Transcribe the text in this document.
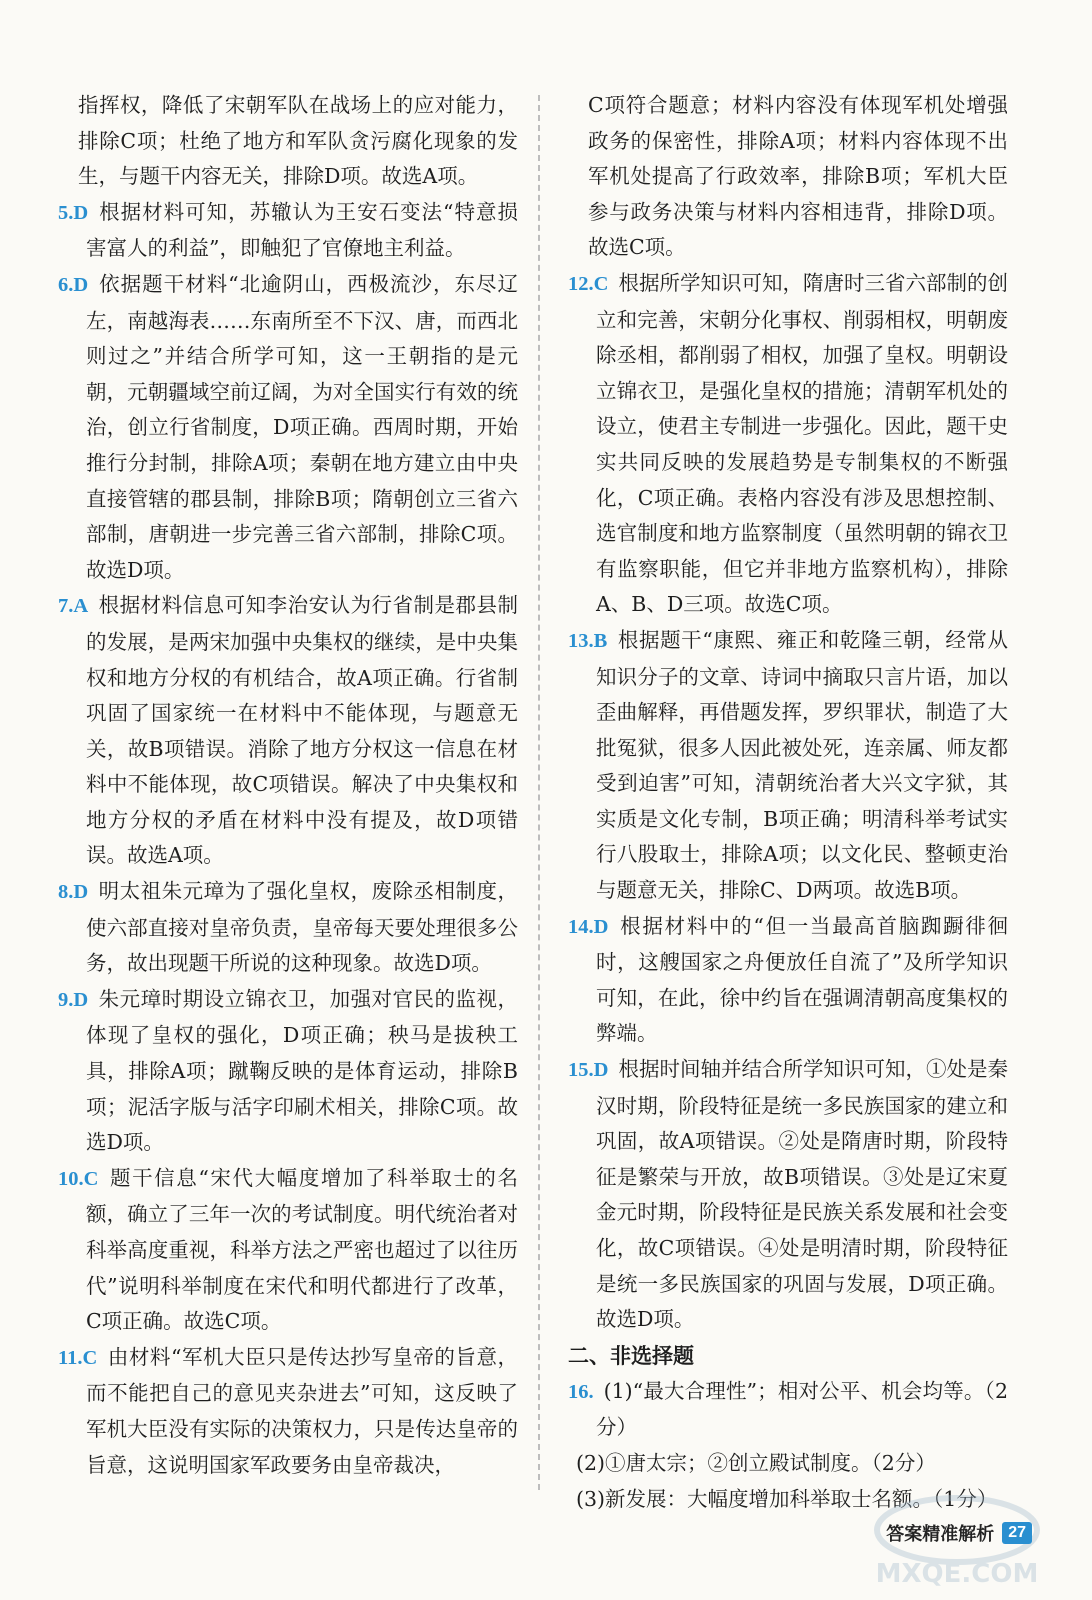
指挥权，降低了宋朝军队在战场上的应对能力，排除C项；杜绝了地方和军队贪污腐化现象的发生，与题干内容无关，排除D项。故选A项。

5.D 根据材料可知，苏辙认为王安石变法“特意损害富人的利益”，即触犯了官僚地主利益。

6.D 依据题干材料“北逾阴山，西极流沙，东尽辽左，南越海表……东南所至不下汉、唐，而西北则过之”并结合所学可知，这一王朝指的是元朝，元朝疆域空前辽阔，为对全国实行有效的统治，创立行省制度，D项正确。西周时期，开始推行分封制，排除A项；秦朝在地方建立由中央直接管辖的郡县制，排除B项；隋朝创立三省六部制，唐朝进一步完善三省六部制，排除C项。故选D项。

7.A 根据材料信息可知李治安认为行省制是郡县制的发展，是两宋加强中央集权的继续，是中央集权和地方分权的有机结合，故A项正确。行省制巩固了国家统一在材料中不能体现，与题意无关，故B项错误。消除了地方分权这一信息在材料中不能体现，故C项错误。解决了中央集权和地方分权的矛盾在材料中没有提及，故D项错误。故选A项。

8.D 明太祖朱元璋为了强化皇权，废除丞相制度，使六部直接对皇帝负责，皇帝每天要处理很多公务，故出现题干所说的这种现象。故选D项。

9.D 朱元璋时期设立锦衣卫，加强对官民的监视，体现了皇权的强化，D项正确；秧马是拔秧工具，排除A项；蹴鞠反映的是体育运动，排除B项；泥活字版与活字印刷术相关，排除C项。故选D项。

10.C 题干信息“宋代大幅度增加了科举取士的名额，确立了三年一次的考试制度。明代统治者对科举高度重视，科举方法之严密也超过了以往历代”说明科举制度在宋代和明代都进行了改革，C项正确。故选C项。

11.C 由材料“军机大臣只是传达抄写皇帝的旨意，而不能把自己的意见夹杂进去”可知，这反映了军机大臣没有实际的决策权力，只是传达皇帝的旨意，这说明国家军政要务由皇帝裁决，

C项符合题意；材料内容没有体现军机处增强政务的保密性，排除A项；材料内容体现不出军机处提高了行政效率，排除B项；军机大臣参与政务决策与材料内容相违背，排除D项。故选C项。

12.C 根据所学知识可知，隋唐时三省六部制的创立和完善，宋朝分化事权、削弱相权，明朝废除丞相，都削弱了相权，加强了皇权。明朝设立锦衣卫，是强化皇权的措施；清朝军机处的设立，使君主专制进一步强化。因此，题干史实共同反映的发展趋势是专制集权的不断强化，C项正确。表格内容没有涉及思想控制、选官制度和地方监察制度（虽然明朝的锦衣卫有监察职能，但它并非地方监察机构），排除A、B、D三项。故选C项。

13.B 根据题干“康熙、雍正和乾隆三朝，经常从知识分子的文章、诗词中摘取只言片语，加以歪曲解释，再借题发挥，罗织罪状，制造了大批冤狱，很多人因此被处死，连亲属、师友都受到迫害”可知，清朝统治者大兴文字狱，其实质是文化专制，B项正确；明清科举考试实行八股取士，排除A项；以文化民、整顿吏治与题意无关，排除C、D两项。故选B项。

14.D 根据材料中的“但一当最高首脑踟蹰徘徊时，这艘国家之舟便放任自流了”及所学知识可知，在此，徐中约旨在强调清朝高度集权的弊端。

15.D 根据时间轴并结合所学知识可知，①处是秦汉时期，阶段特征是统一多民族国家的建立和巩固，故A项错误。②处是隋唐时期，阶段特征是繁荣与开放，故B项错误。③处是辽宋夏金元时期，阶段特征是民族关系发展和社会变化，故C项错误。④处是明清时期，阶段特征是统一多民族国家的巩固与发展，D项正确。故选D项。

二、非选择题

16. (1)“最大合理性”；相对公平、机会均等。（2分）

(2)①唐太宗；②创立殿试制度。（2分）

(3)新发展：大幅度增加科举取士名额。（1分）

MXQE.COM
答案精准解析 27
